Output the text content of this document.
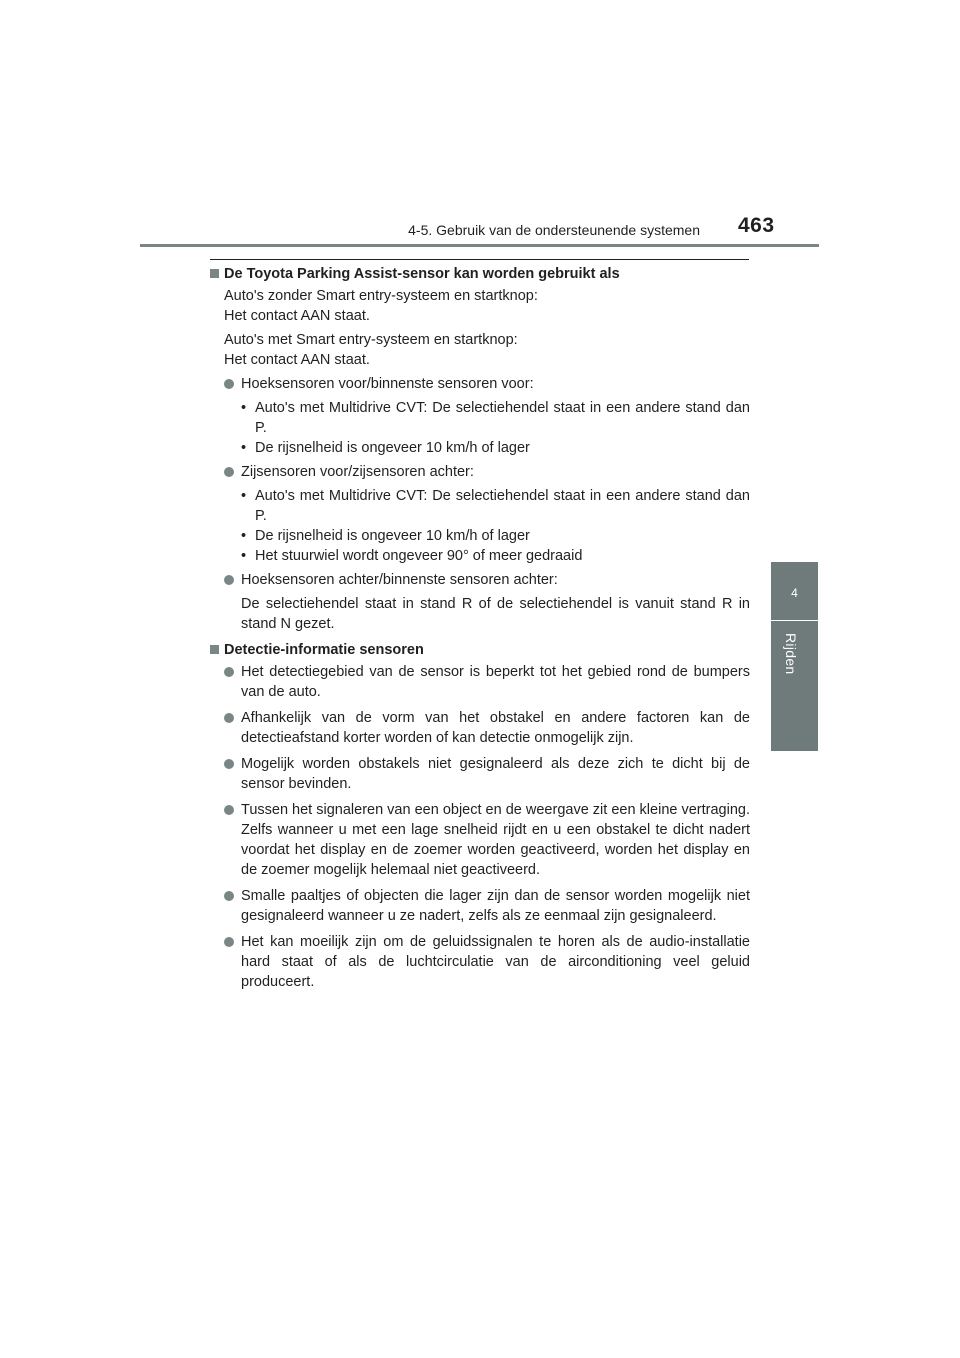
4-5. Gebruik van de ondersteunende systemen 463
4
Rijden
De Toyota Parking Assist-sensor kan worden gebruikt als

Auto's zonder Smart entry-systeem en startknop:
Het contact AAN staat.

Auto's met Smart entry-systeem en startknop:
Het contact AAN staat.

Hoeksensoren voor/binnenste sensoren voor:

• Auto's met Multidrive CVT: De selectiehendel staat in een andere stand dan P.

• De rijsnelheid is ongeveer 10 km/h of lager

Zijsensoren voor/zijsensoren achter:

• Auto's met Multidrive CVT: De selectiehendel staat in een andere stand dan P.

• De rijsnelheid is ongeveer 10 km/h of lager

• Het stuurwiel wordt ongeveer 90° of meer gedraaid

Hoeksensoren achter/binnenste sensoren achter:

De selectiehendel staat in stand R of de selectiehendel is vanuit stand R in stand N gezet.

Detectie-informatie sensoren

Het detectiegebied van de sensor is beperkt tot het gebied rond de bumpers van de auto.

Afhankelijk van de vorm van het obstakel en andere factoren kan de detectieafstand korter worden of kan detectie onmogelijk zijn.

Mogelijk worden obstakels niet gesignaleerd als deze zich te dicht bij de sensor bevinden.

Tussen het signaleren van een object en de weergave zit een kleine vertraging. Zelfs wanneer u met een lage snelheid rijdt en u een obstakel te dicht nadert voordat het display en de zoemer worden geactiveerd, worden het display en de zoemer mogelijk helemaal niet geactiveerd.

Smalle paaltjes of objecten die lager zijn dan de sensor worden mogelijk niet gesignaleerd wanneer u ze nadert, zelfs als ze eenmaal zijn gesignaleerd.

Het kan moeilijk zijn om de geluidssignalen te horen als de audio-installatie hard staat of als de luchtcirculatie van de airconditioning veel geluid produceert.
